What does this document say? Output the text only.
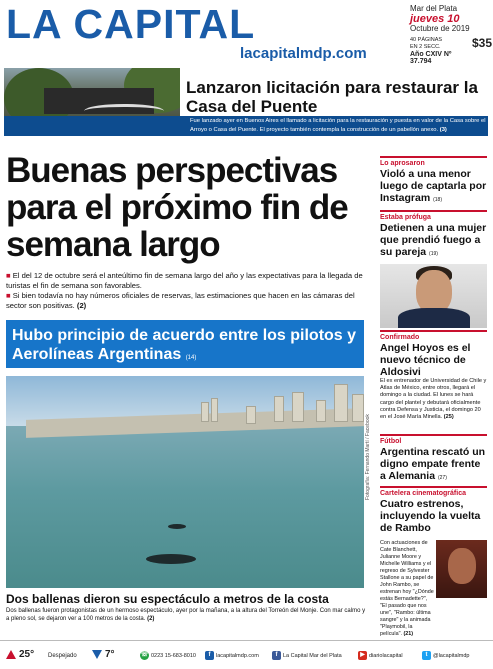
LA CAPITAL
lacapitalmdp.com
Mar del Plata
jueves 10
Octubre de 2019
40 PÁGINAS
EN 2 SECC.
Año CXIV Nº 37.794
$35
Lanzaron licitación para restaurar la Casa del Puente
Fue lanzado ayer en Buenos Aires el llamado a licitación para la restauración y puesta en valor de la Casa sobre el Arroyo o Casa del Puente. El proyecto también contempla la construcción de un pabellón anexo. (3)
Buenas perspectivas para el próximo fin de semana largo
■ El del 12 de octubre será el anteúltimo fin de semana largo del año y las expectativas para la llegada de turistas el fin de semana son favorables.
■ Si bien todavía no hay números oficiales de reservas, las estimaciones que hacen en las cámaras del sector son positivas. (2)
Hubo principio de acuerdo entre los pilotos y Aerolíneas Argentinas (14)
Fotografía: Fernando Martí / Facebook
Dos ballenas dieron su espectáculo a metros de la costa
Dos ballenas fueron protagonistas de un hermoso espectáculo, ayer por la mañana, a la altura del Torreón del Monje. Con mar calmo y a pleno sol, se dejaron ver a 100 metros de la costa. (2)
Lo aprosaron
Violó a una menor luego de captarla por Instagram (18)
Estaba prófuga
Detienen a una mujer que prendió fuego a su pareja (19)
Confirmado
Angel Hoyos es el nuevo técnico de Aldosivi
El ex entrenador de Universidad de Chile y Atlas de México, entre otros, llegará el domingo a la ciudad. El lunes se hará cargo del plantel y debutará oficialmente contra Defensa y Justicia, el domingo 20 en el José María Minella. (25)
Fútbol
Argentina rescató un digno empate frente a Alemania (27)
Cartelera cinematográfica
Cuatro estrenos, incluyendo la vuelta de Rambo
Con actuaciones de Cate Blanchett, Julianne Moore y Michelle Williams y el regreso de Sylvester Stallone a su papel de John Rambo, se estrenan hoy "¿Dónde estás Bernadette?", "El pasado que nos une", "Rambo: última sangre" y la animada "Playmobil, la película". (21)
25° Despejado	7°	☏ 0223 15-683-8010	f	lacapitalmdp.com	f	La Capital Mar del Plata	▶ diariolacapital	t	@lacapitalmdp
